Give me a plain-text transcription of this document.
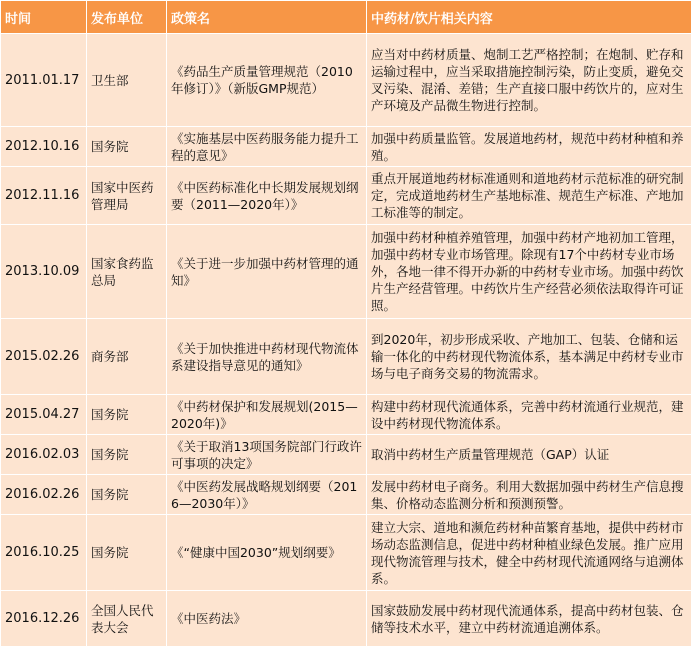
时间	发布单位	政策名	中药材/饮片相关内容
2011.01.17	卫生部	《药品生产质量管理规范（2010年修订）》（新版GMP规范）	应当对中药材质量、炮制工艺严格控制；在炮制、贮存和运输过程中，应当采取措施控制污染，防止变质，避免交叉污染、混淆、差错；生产直接口服中药饮片的，应对生产环境及产品微生物进行控制。
2012.10.16	国务院	《实施基层中医药服务能力提升工程的意见》	加强中药质量监管。发展道地药材，规范中药材种植和养殖。
2012.11.16	国家中医药管理局	《中医药标准化中长期发展规划纲要（2011—2020年）》	重点开展道地药材标准通则和道地药材示范标准的研究制定，完成道地药材生产基地标准、规范生产标准、产地加工标准等的制定。
2013.10.09	国家食药监总局	《关于进一步加强中药材管理的通知》	加强中药材种植养殖管理，加强中药材产地初加工管理，加强中药材专业市场管理。除现有17个中药材专业市场外，各地一律不得开办新的中药材专业市场。加强中药饮片生产经营管理。中药饮片生产经营必须依法取得许可证照。
2015.02.26	商务部	《关于加快推进中药材现代物流体系建设指导意见的通知》	到2020年，初步形成采收、产地加工、包装、仓储和运输一体化的中药材现代物流体系，基本满足中药材专业市场与电子商务交易的物流需求。
2015.04.27	国务院	《中药材保护和发展规划(2015—2020年)》	构建中药材现代流通体系，完善中药材流通行业规范，建设中药材现代物流体系。
2016.02.03	国务院	《关于取消13项国务院部门行政许可事项的决定》	取消中药材生产质量管理规范（GAP）认证
2016.02.26	国务院	《中医药发展战略规划纲要（2016—2030年）》	发展中药材电子商务。利用大数据加强中药材生产信息搜集、价格动态监测分析和预测预警。
2016.10.25	国务院	《“健康中国2030”规划纲要》	建立大宗、道地和濒危药材种苗繁育基地，提供中药材市场动态监测信息，促进中药材种植业绿色发展。推广应用现代物流管理与技术，健全中药材现代流通网络与追溯体系。
2016.12.26	全国人民代表大会	《中医药法》	国家鼓励发展中药材现代流通体系，提高中药材包装、仓储等技术水平，建立中药材流通追溯体系。
